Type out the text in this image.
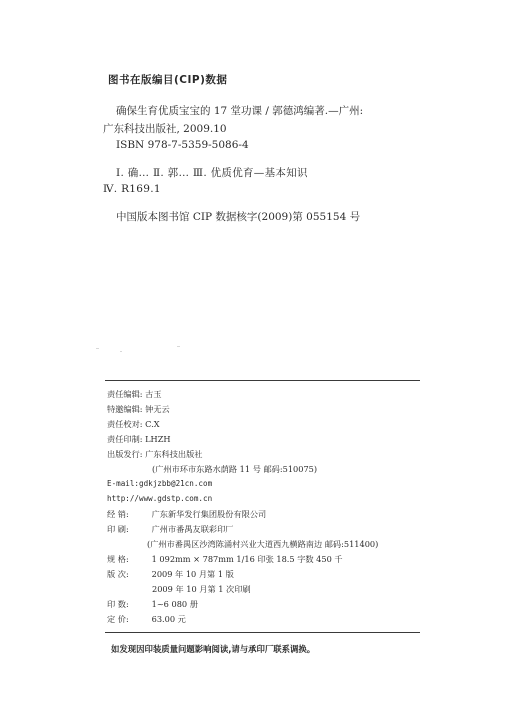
图书在版编目(CIP)数据
确保生育优质宝宝的 17 堂功课 / 郭德鸿编著.—广州:
广东科技出版社, 2009.10
ISBN 978-7-5359-5086-4
Ⅰ. 确… Ⅱ. 郭… Ⅲ. 优质优育—基本知识
Ⅳ. R169.1
中国版本图书馆 CIP 数据核字(2009)第 055154 号
责任编辑: 古玉
特邀编辑: 钟无云
责任校对: C.X
责任印制: LHZH
出版发行: 广东科技出版社
(广州市环市东路水荫路 11 号 邮码:510075)
E-mail:gdkjzbb@21cn.com
http://www.gdstp.com.cn
经 销:	广东新华发行集团股份有限公司
印 刷:	广州市番禺友联彩印厂
(广州市番禺区沙湾陈涌村兴业大道西九横路南边 邮码:511400)
规 格:	1 092mm × 787mm 1/16 印张 18.5 字数 450 千
版 次:	2009 年 10 月第 1 版
2009 年 10 月第 1 次印刷
印 数:	1~6 080 册
定 价:	63.00 元
如发现因印装质量问题影响阅读,请与承印厂联系调换。
